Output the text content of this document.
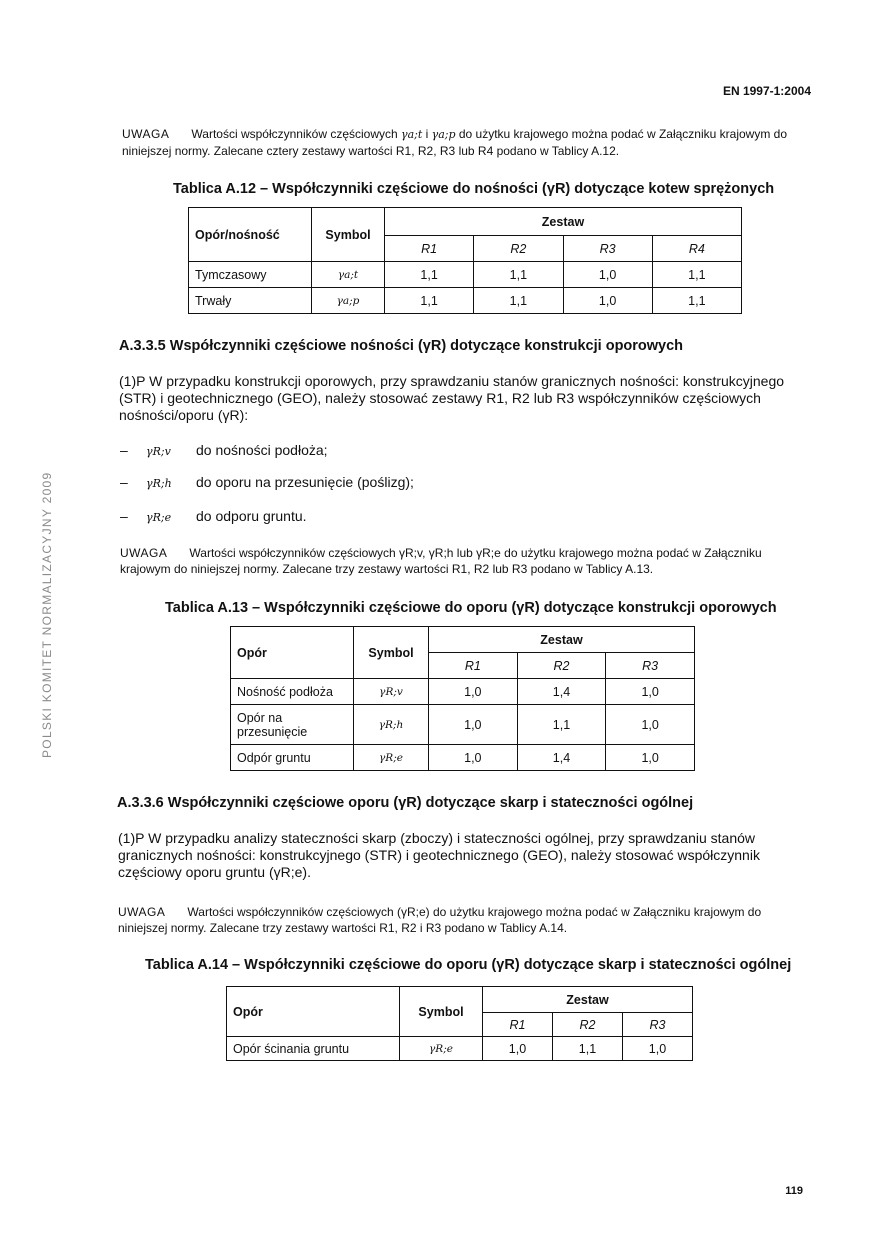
EN 1997-1:2004
POLSKI KOMITET NORMALIZACYJNY 2009
UWAGA Wartości współczynników częściowych γa;t i γa;p do użytku krajowego można podać w Załączniku krajowym do niniejszej normy. Zalecane cztery zestawy wartości R1, R2, R3 lub R4 podano w Tablicy A.12.
Tablica A.12 – Współczynniki częściowe do nośności (γR) dotyczące kotew sprężonych
Opór/nośność	Symbol	Zestaw			
		R1	R2	R3	R4
Tymczasowy	γa;t	1,1	1,1	1,0	1,1
Trwały	γa;p	1,1	1,1	1,0	1,1
A.3.3.5 Współczynniki częściowe nośności (γR) dotyczące konstrukcji oporowych
(1)P W przypadku konstrukcji oporowych, przy sprawdzaniu stanów granicznych nośności: konstrukcyjnego (STR) i geotechnicznego (GEO), należy stosować zestawy R1, R2 lub R3 współczynników częściowych nośności/oporu (γR):
–	γR;v	do nośności podłoża;
–	γR;h	do oporu na przesunięcie (poślizg);
–	γR;e	do odporu gruntu.
UWAGA Wartości współczynników częściowych γR;v, γR;h lub γR;e do użytku krajowego można podać w Załączniku krajowym do niniejszej normy. Zalecane trzy zestawy wartości R1, R2 lub R3 podano w Tablicy A.13.
Tablica A.13 – Współczynniki częściowe do oporu (γR) dotyczące konstrukcji oporowych
Opór	Symbol	Zestaw		
		R1	R2	R3
Nośność podłoża	γR;v	1,0	1,4	1,0
Opór na przesunięcie	γR;h	1,0	1,1	1,0
Odpór gruntu	γR;e	1,0	1,4	1,0
A.3.3.6 Współczynniki częściowe oporu (γR) dotyczące skarp i stateczności ogólnej
(1)P W przypadku analizy stateczności skarp (zboczy) i stateczności ogólnej, przy sprawdzaniu stanów granicznych nośności: konstrukcyjnego (STR) i geotechnicznego (GEO), należy stosować współczynnik częściowy oporu gruntu (γR;e).
UWAGA Wartości współczynników częściowych (γR;e) do użytku krajowego można podać w Załączniku krajowym do niniejszej normy. Zalecane trzy zestawy wartości R1, R2 i R3 podano w Tablicy A.14.
Tablica A.14 – Współczynniki częściowe do oporu (γR) dotyczące skarp i stateczności ogólnej
Opór	Symbol	Zestaw		
		R1	R2	R3
Opór ścinania gruntu	γR;e	1,0	1,1	1,0
119
